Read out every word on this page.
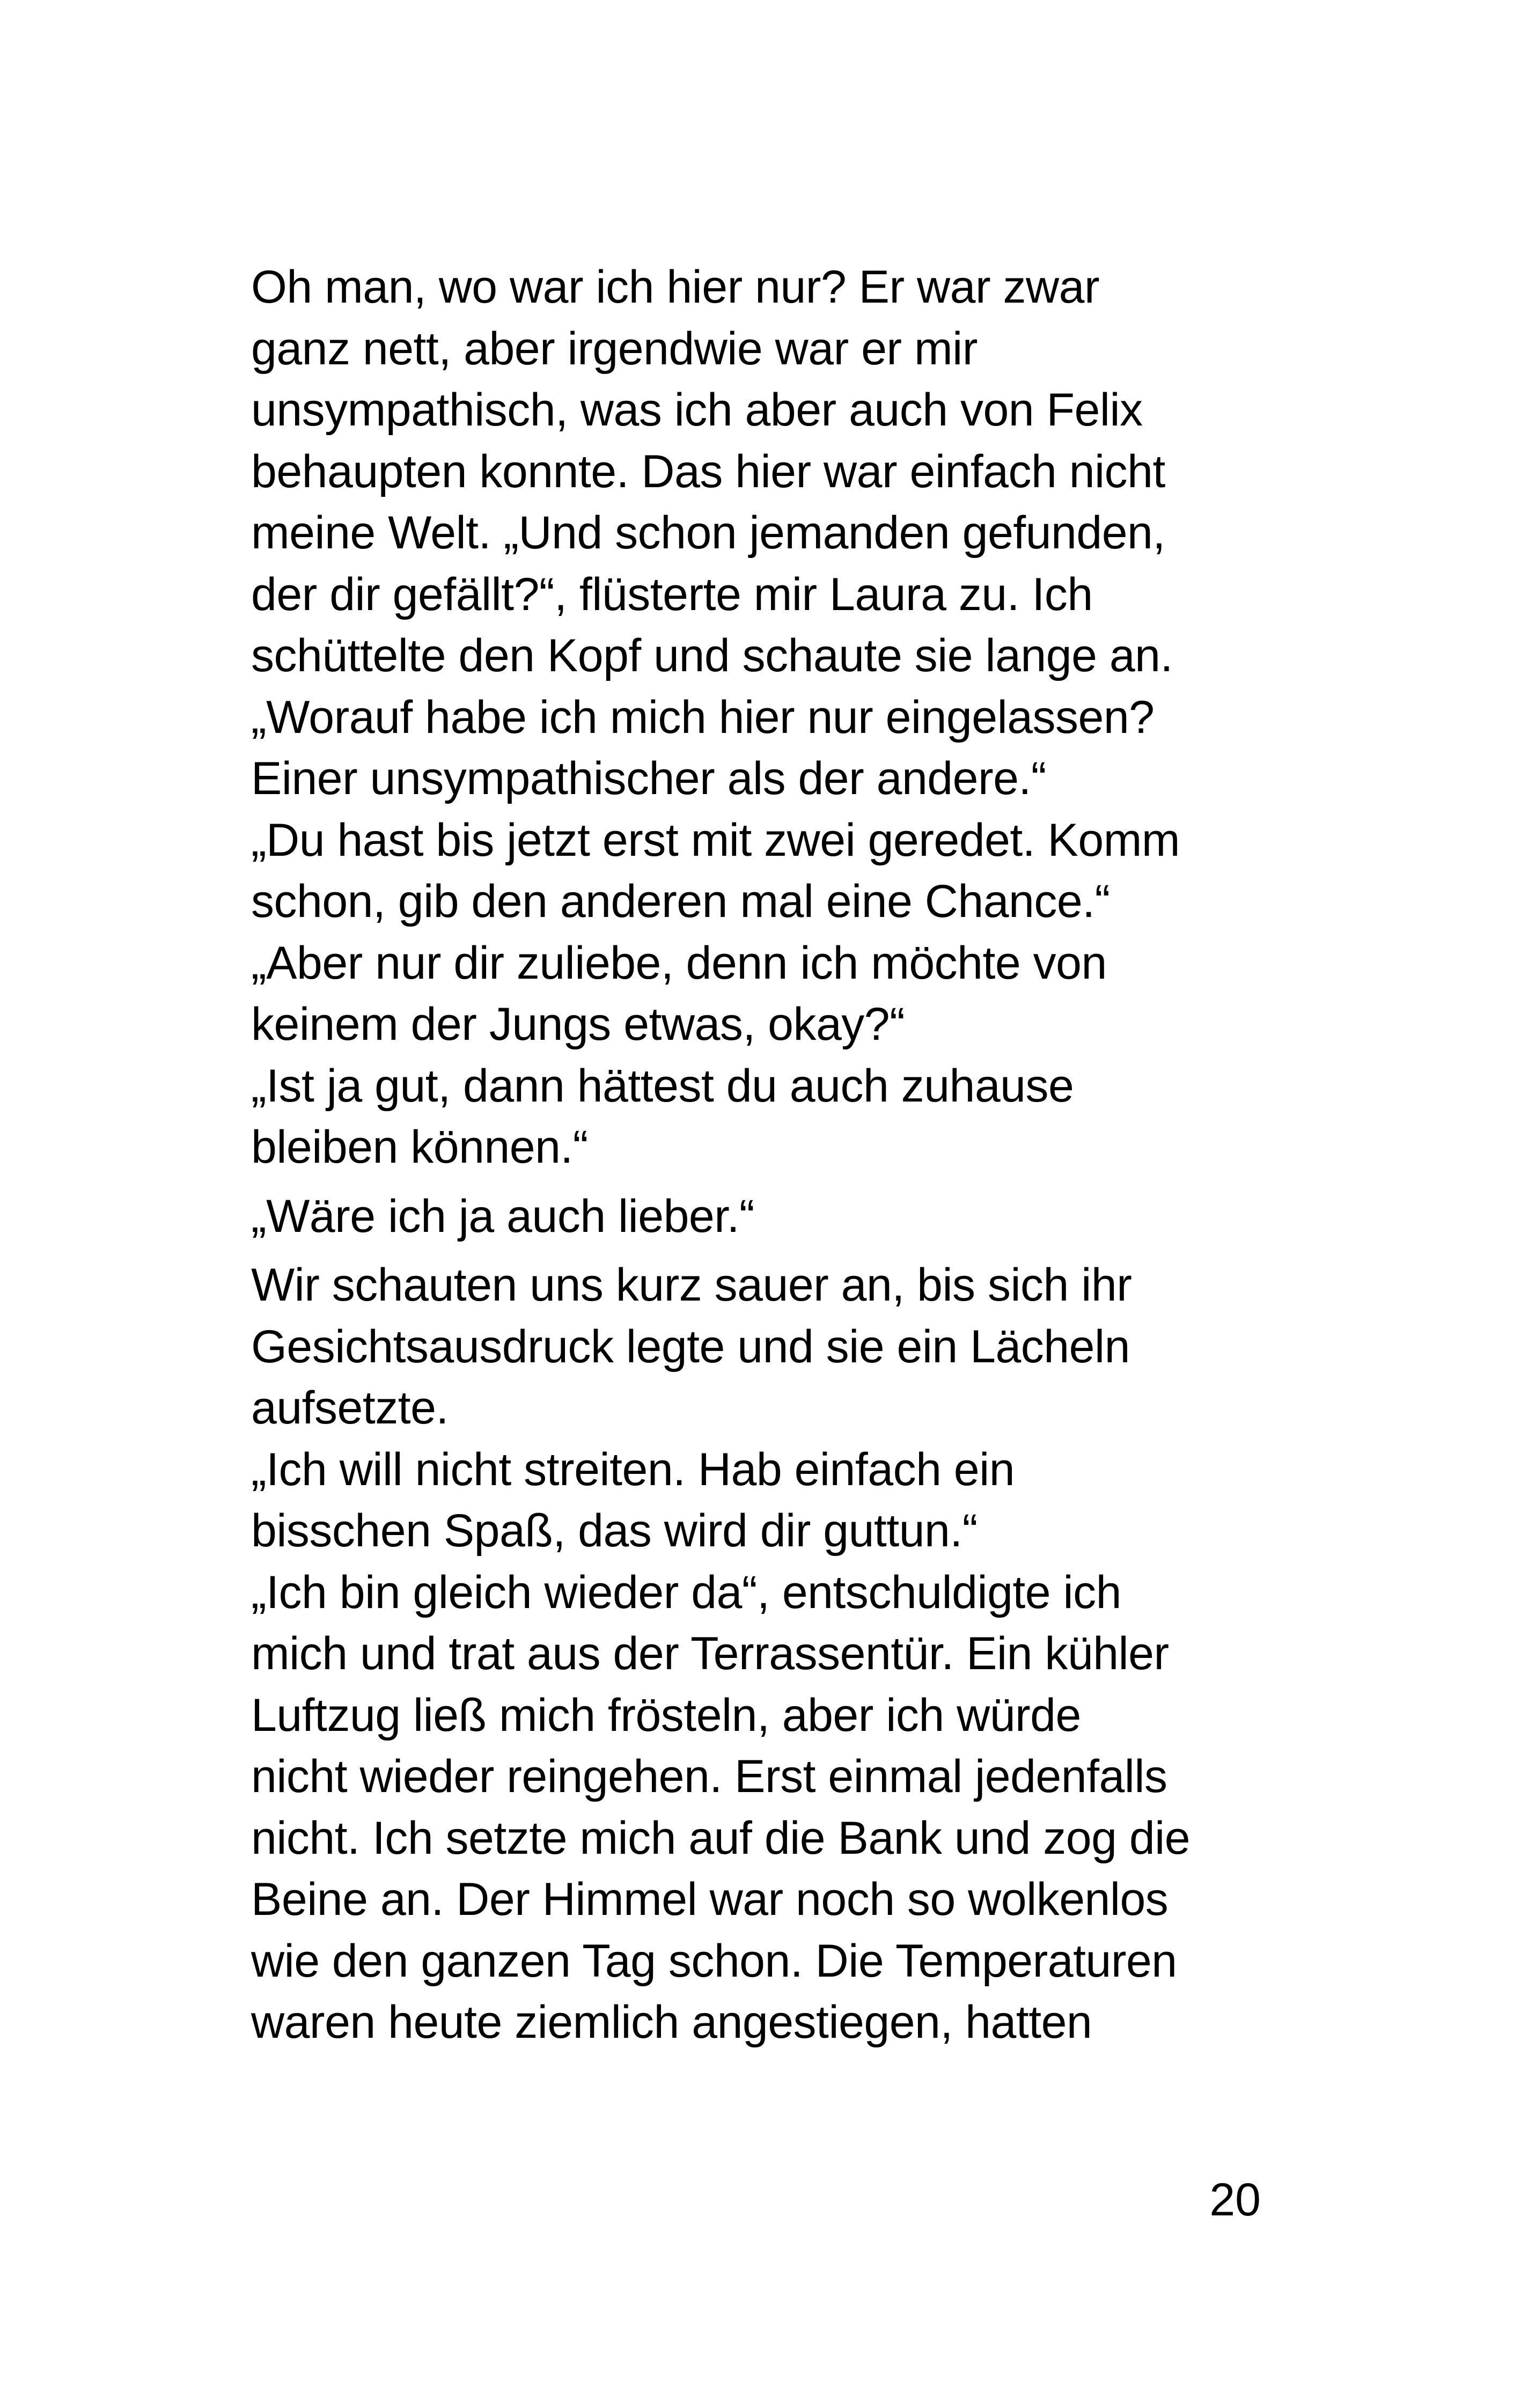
Oh man, wo war ich hier nur? Er war zwar
ganz nett, aber irgendwie war er mir
unsympathisch, was ich aber auch von Felix
behaupten konnte. Das hier war einfach nicht
meine Welt. „Und schon jemanden gefunden,
der dir gefällt?“, flüsterte mir Laura zu. Ich
schüttelte den Kopf und schaute sie lange an.
„Worauf habe ich mich hier nur eingelassen?
Einer unsympathischer als der andere.“
„Du hast bis jetzt erst mit zwei geredet. Komm
schon, gib den anderen mal eine Chance.“
„Aber nur dir zuliebe, denn ich möchte von
keinem der Jungs etwas, okay?“
„Ist ja gut, dann hättest du auch zuhause
bleiben können.“
„Wäre ich ja auch lieber.“
Wir schauten uns kurz sauer an, bis sich ihr
Gesichtsausdruck legte und sie ein Lächeln
aufsetzte.
„Ich will nicht streiten. Hab einfach ein
bisschen Spaß, das wird dir guttun.“
„Ich bin gleich wieder da“, entschuldigte ich
mich und trat aus der Terrassentür. Ein kühler
Luftzug ließ mich frösteln, aber ich würde
nicht wieder reingehen. Erst einmal jedenfalls
nicht. Ich setzte mich auf die Bank und zog die
Beine an. Der Himmel war noch so wolkenlos
wie den ganzen Tag schon. Die Temperaturen
waren heute ziemlich angestiegen, hatten
20
